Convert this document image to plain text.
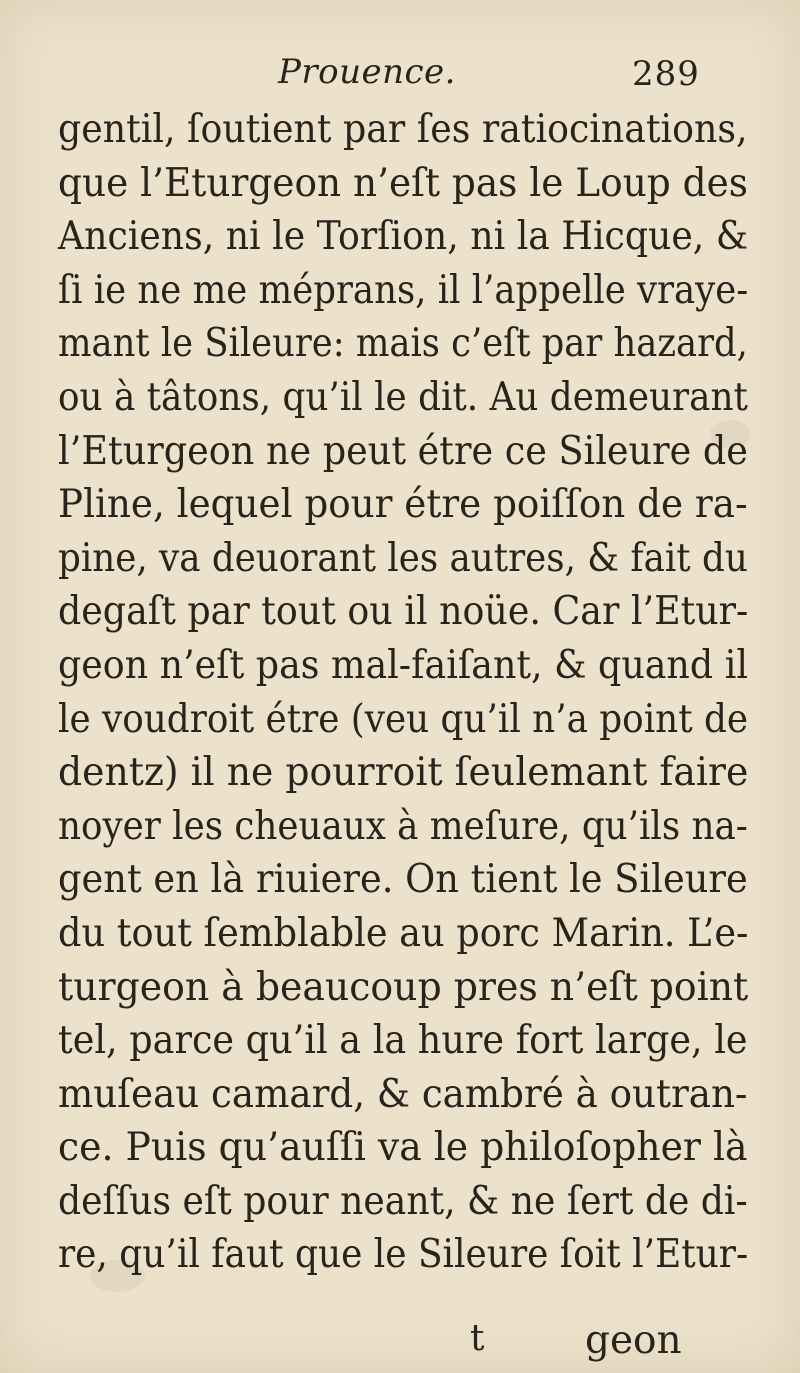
Prouence.	289
gentil, ſoutient par ſes ratiocinations,
que l’Eturgeon n’eſt pas le Loup des
Anciens, ni le Torſion, ni la Hicque, &
ſi ie ne me méprans, il l’appelle vraye-
mant le Sileure: mais c’eſt par hazard,
ou à tâtons, qu’il le dit. Au demeurant
l’Eturgeon ne peut étre ce Sileure de
Pline, lequel pour étre poiſſon de ra-
pine, va deuorant les autres, & fait du
degaſt par tout ou il noüe. Car l’Etur-
geon n’eſt pas mal-faiſant, & quand il
le voudroit étre (veu qu’il n’a point de
dentz) il ne pourroit ſeulemant faire
noyer les cheuaux à meſure, qu’ils na-
gent en là riuiere. On tient le Sileure
du tout ſemblable au porc Marin. L’e-
turgeon à beaucoup pres n’eſt point
tel, parce qu’il a la hure fort large, le
muſeau camard, & cambré à outran-
ce. Puis qu’auſſi va le philoſopher là
deſſus eſt pour neant, & ne ſert de di-
re, qu’il faut que le Sileure ſoit l’Etur-
t	geon
